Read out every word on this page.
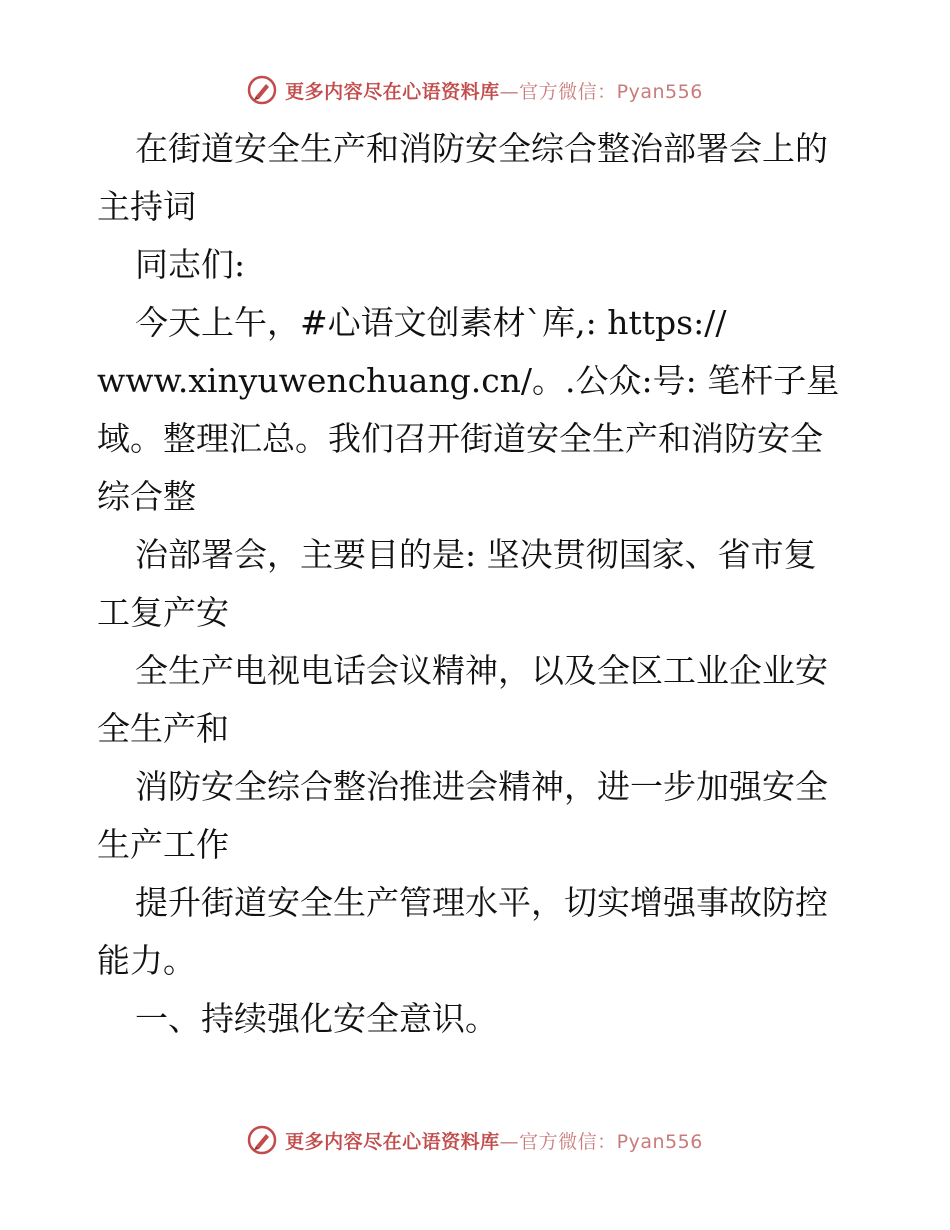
更多内容尽在心语资料库—官方微信：Pyan556
在街道安全生产和消防安全综合整治部署会上的
主持词
同志们:
今天上午，#心语文创素材`库,: https://
www.xinyuwenchuang.cn/。.公众:号: 笔杆子星
域。整理汇总。我们召开街道安全生产和消防安全
综合整
治部署会，主要目的是: 坚决贯彻国家、省市复
工复产安
全生产电视电话会议精神，以及全区工业企业安
全生产和
消防安全综合整治推进会精神，进一步加强安全
生产工作
提升街道安全生产管理水平，切实增强事故防控
能力。
一、持续强化安全意识。
更多内容尽在心语资料库—官方微信：Pyan556
